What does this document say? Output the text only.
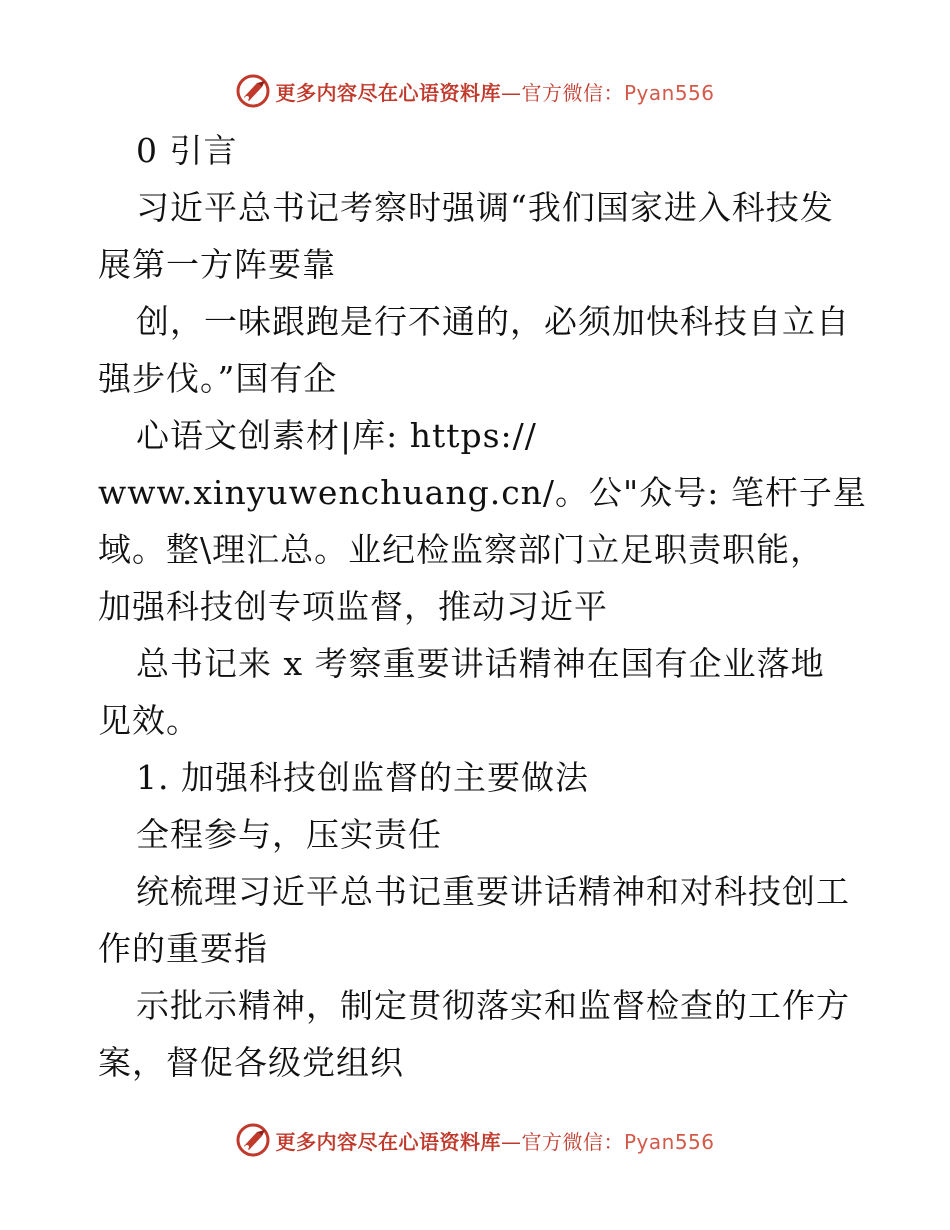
更多内容尽在心语资料库—官方微信：Pyan556
0 引言
习近平总书记考察时强调“我们国家进入科技发
展第一方阵要靠
创，一味跟跑是行不通的，必须加快科技自立自
强步伐。”国有企
心语文创素材|库: https://
www.xinyuwenchuang.cn/。公"众号: 笔杆子星
域。整\理汇总。业纪检监察部门立足职责职能，
加强科技创专项监督，推动习近平
总书记来 x 考察重要讲话精神在国有企业落地
见效。
1. 加强科技创监督的主要做法
全程参与，压实责任
统梳理习近平总书记重要讲话精神和对科技创工
作的重要指
示批示精神，制定贯彻落实和监督检查的工作方
案，督促各级党组织
更多内容尽在心语资料库—官方微信：Pyan556
